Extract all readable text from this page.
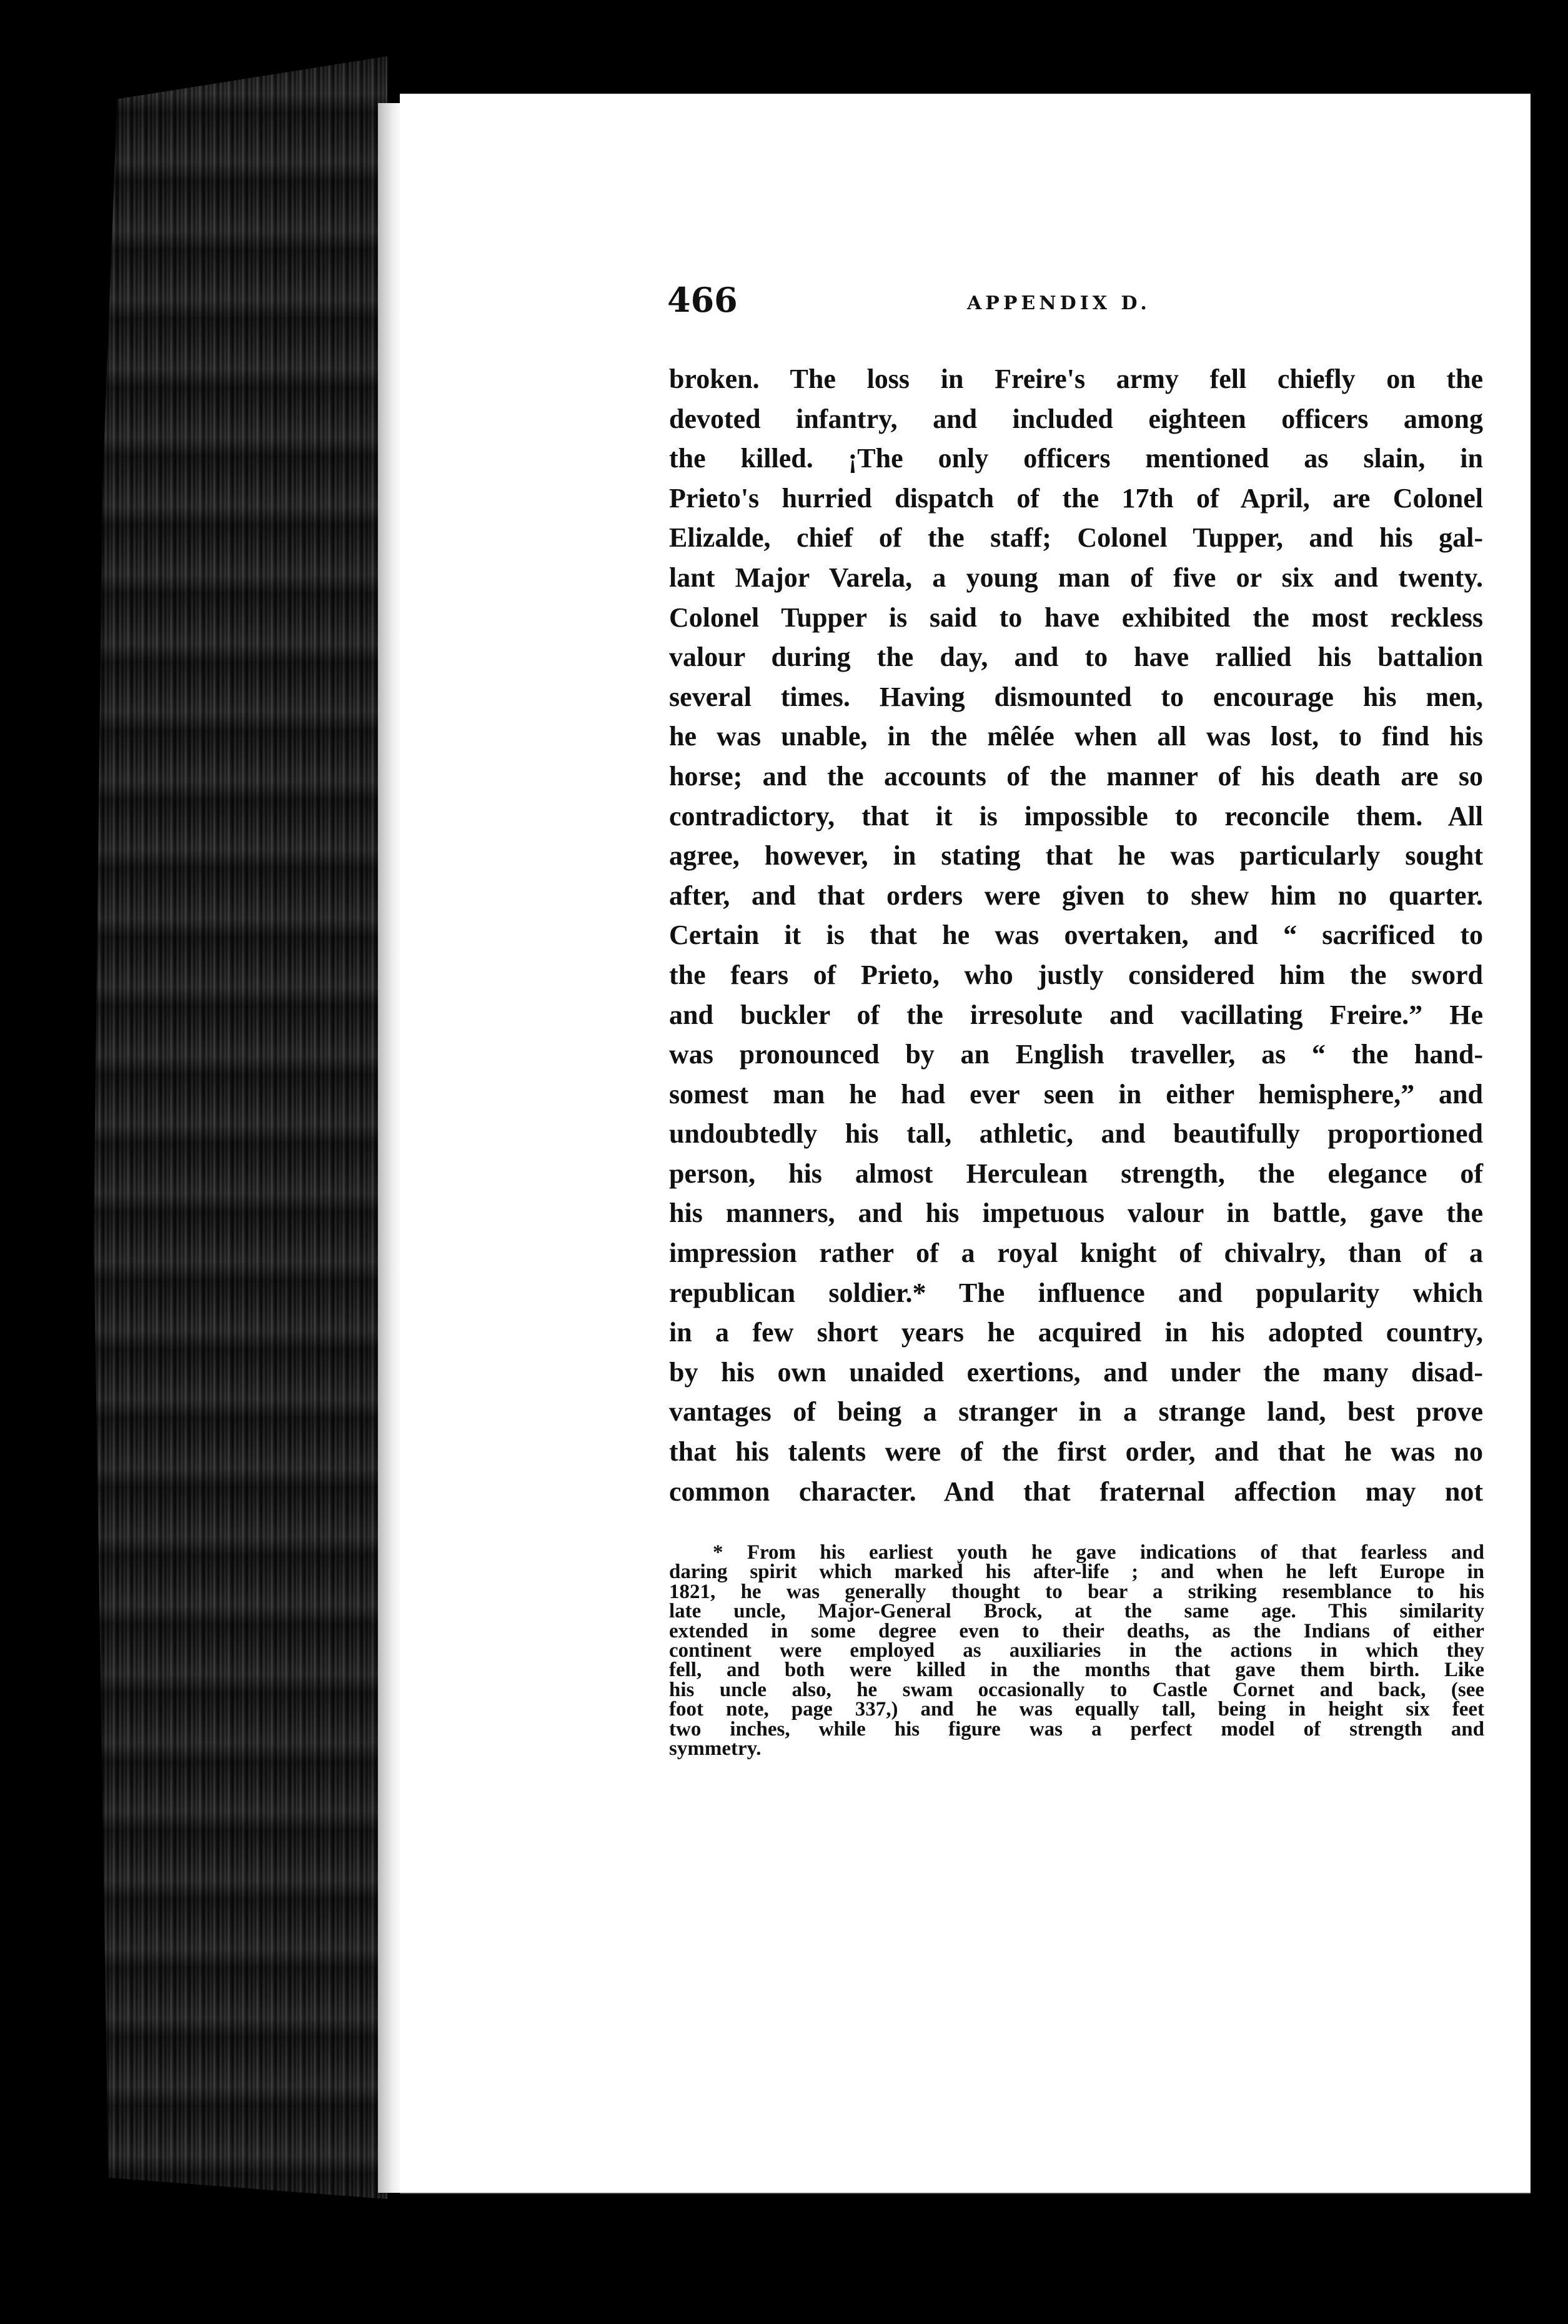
466	APPENDIX D.
broken. The loss in Freire's army fell chiefly on the
devoted infantry, and included eighteen officers among
the killed. ¡The only officers mentioned as slain, in
Prieto's hurried dispatch of the 17th of April, are Colonel
Elizalde, chief of the staff; Colonel Tupper, and his gal-
lant Major Varela, a young man of five or six and twenty.
Colonel Tupper is said to have exhibited the most reckless
valour during the day, and to have rallied his battalion
several times. Having dismounted to encourage his men,
he was unable, in the mêlée when all was lost, to find his
horse; and the accounts of the manner of his death are so
contradictory, that it is impossible to reconcile them. All
agree, however, in stating that he was particularly sought
after, and that orders were given to shew him no quarter.
Certain it is that he was overtaken, and “ sacrificed to
the fears of Prieto, who justly considered him the sword
and buckler of the irresolute and vacillating Freire.” He
was pronounced by an English traveller, as “ the hand-
somest man he had ever seen in either hemisphere,” and
undoubtedly his tall, athletic, and beautifully proportioned
person, his almost Herculean strength, the elegance of
his manners, and his impetuous valour in battle, gave the
impression rather of a royal knight of chivalry, than of a
republican soldier.* The influence and popularity which
in a few short years he acquired in his adopted country,
by his own unaided exertions, and under the many disad-
vantages of being a stranger in a strange land, best prove
that his talents were of the first order, and that he was no
common character. And that fraternal affection may not
* From his earliest youth he gave indications of that fearless and
daring spirit which marked his after-life ; and when he left Europe in
1821, he was generally thought to bear a striking resemblance to his
late uncle, Major-General Brock, at the same age. This similarity
extended in some degree even to their deaths, as the Indians of either
continent were employed as auxiliaries in the actions in which they
fell, and both were killed in the months that gave them birth. Like
his uncle also, he swam occasionally to Castle Cornet and back, (see
foot note, page 337,) and he was equally tall, being in height six feet
two inches, while his figure was a perfect model of strength and
symmetry.
